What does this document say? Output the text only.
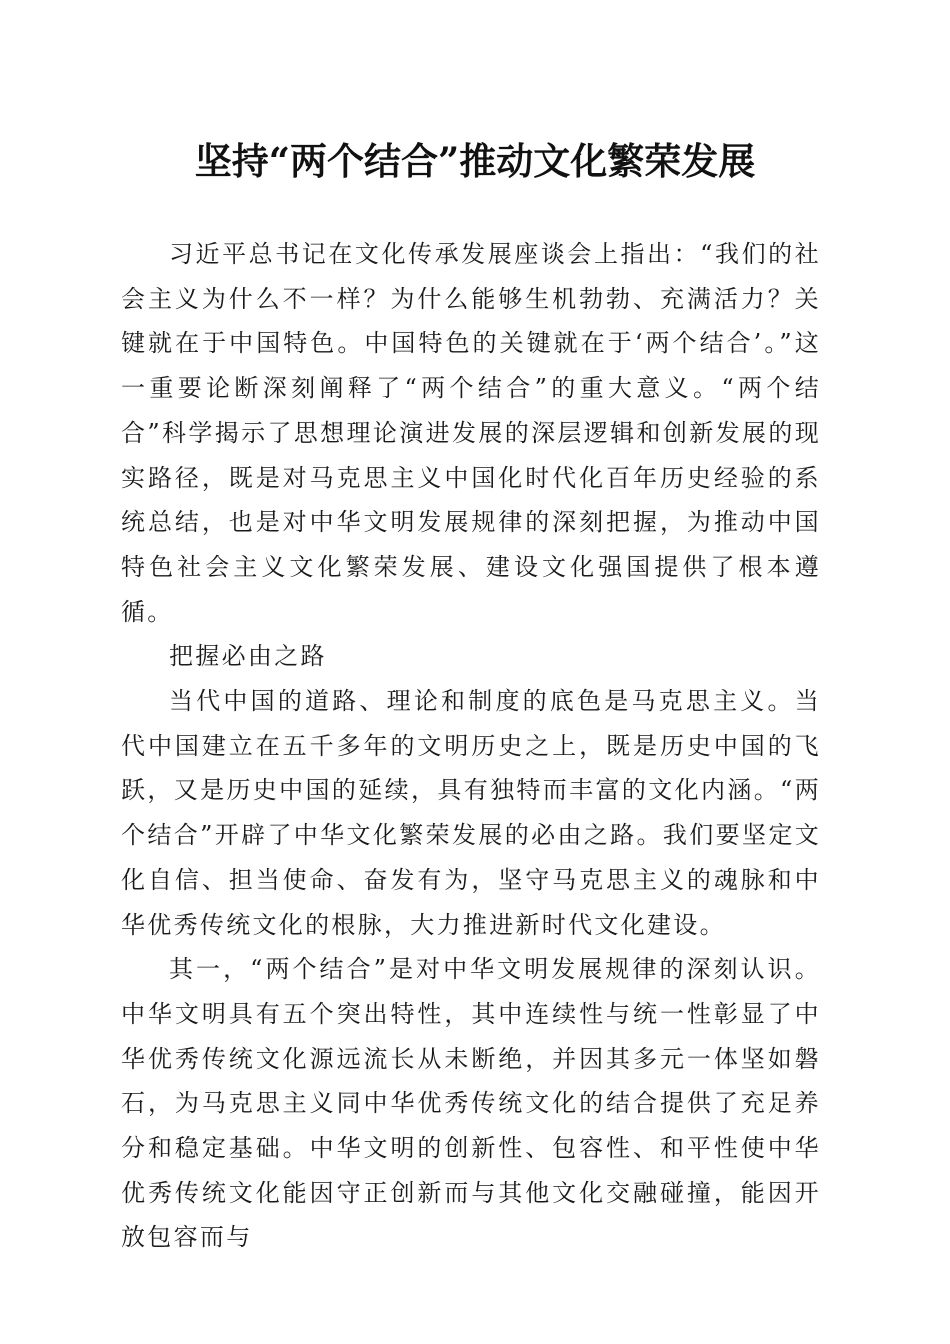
坚持“两个结合”推动文化繁荣发展

习近平总书记在文化传承发展座谈会上指出：“我们的社会主义为什么不一样？为什么能够生机勃勃、充满活力？关键就在于中国特色。中国特色的关键就在于‘两个结合’。”这一重要论断深刻阐释了“两个结合”的重大意义。“两个结合”科学揭示了思想理论演进发展的深层逻辑和创新发展的现实路径，既是对马克思主义中国化时代化百年历史经验的系统总结，也是对中华文明发展规律的深刻把握，为推动中国特色社会主义文化繁荣发展、建设文化强国提供了根本遵循。

把握必由之路

当代中国的道路、理论和制度的底色是马克思主义。当代中国建立在五千多年的文明历史之上，既是历史中国的飞跃，又是历史中国的延续，具有独特而丰富的文化内涵。“两个结合”开辟了中华文化繁荣发展的必由之路。我们要坚定文化自信、担当使命、奋发有为，坚守马克思主义的魂脉和中华优秀传统文化的根脉，大力推进新时代文化建设。

其一，“两个结合”是对中华文明发展规律的深刻认识。中华文明具有五个突出特性，其中连续性与统一性彰显了中华优秀传统文化源远流长从未断绝，并因其多元一体坚如磐石，为马克思主义同中华优秀传统文化的结合提供了充足养分和稳定基础。中华文明的创新性、包容性、和平性使中华优秀传统文化能因守正创新而与其他文化交融碰撞，能因开放包容而与
